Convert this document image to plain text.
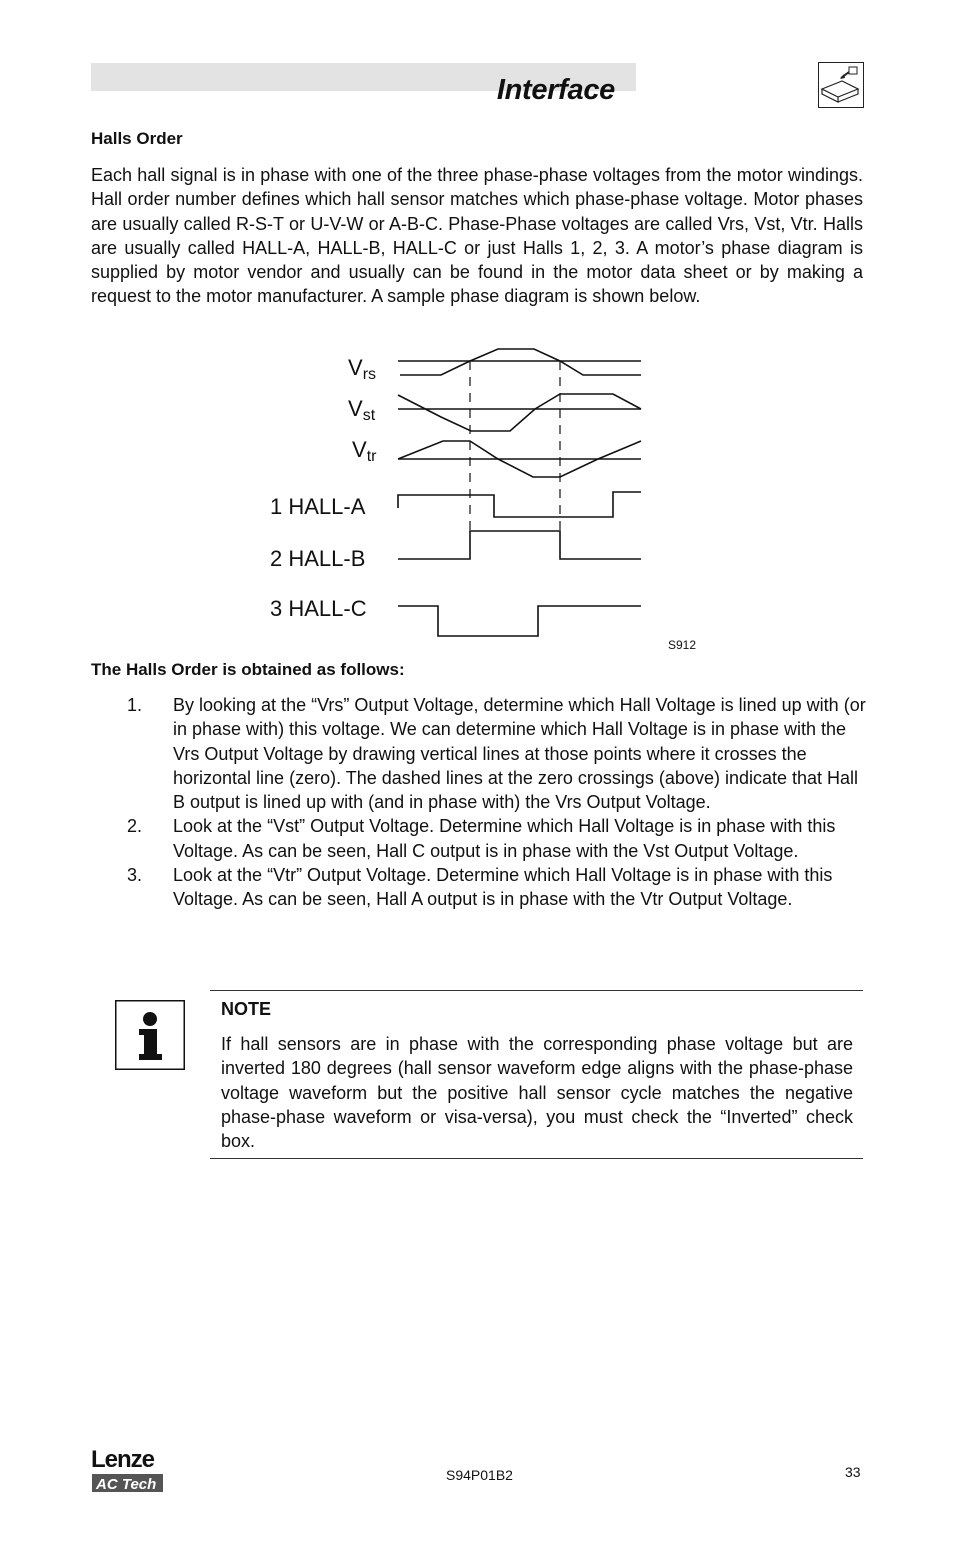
Interface
Halls Order
Each hall signal is in phase with one of the three phase-phase voltages from the motor windings. Hall order number defines which hall sensor matches which phase-phase voltage. Motor phases are usually called R-S-T or U-V-W or A-B-C. Phase-Phase voltages are called Vrs, Vst, Vtr. Halls are usually called HALL-A, HALL-B, HALL-C or just Halls 1, 2, 3. A motor’s phase diagram is supplied by motor vendor and usually can be found in the motor data sheet or by making a request to the motor manufacturer. A sample phase diagram is shown below.
Vrs
Vst
Vtr
1 HALL-A
2 HALL-B
3 HALL-C
S912
The Halls Order is obtained as follows:

1. By looking at the “Vrs” Output Voltage, determine which Hall Voltage is lined up with (or in phase with) this voltage. We can determine which Hall Voltage is in phase with the Vrs Output Voltage by drawing vertical lines at those points where it crosses the horizontal line (zero). The dashed lines at the zero crossings (above) indicate that Hall B output is lined up with (and in phase with) the Vrs Output Voltage.

2. Look at the “Vst” Output Voltage. Determine which Hall Voltage is in phase with this Voltage. As can be seen, Hall C output is in phase with the Vst Output Voltage.

3. Look at the “Vtr” Output Voltage. Determine which Hall Voltage is in phase with this Voltage. As can be seen, Hall A output is in phase with the Vtr Output Voltage.

NOTE
If hall sensors are in phase with the corresponding phase voltage but are inverted 180 degrees (hall sensor waveform edge aligns with the phase-phase voltage waveform but the positive hall sensor cycle matches the negative phase-phase waveform or visa-versa), you must check the “Inverted” check box.
Lenze
AC Tech
S94P01B2	33
